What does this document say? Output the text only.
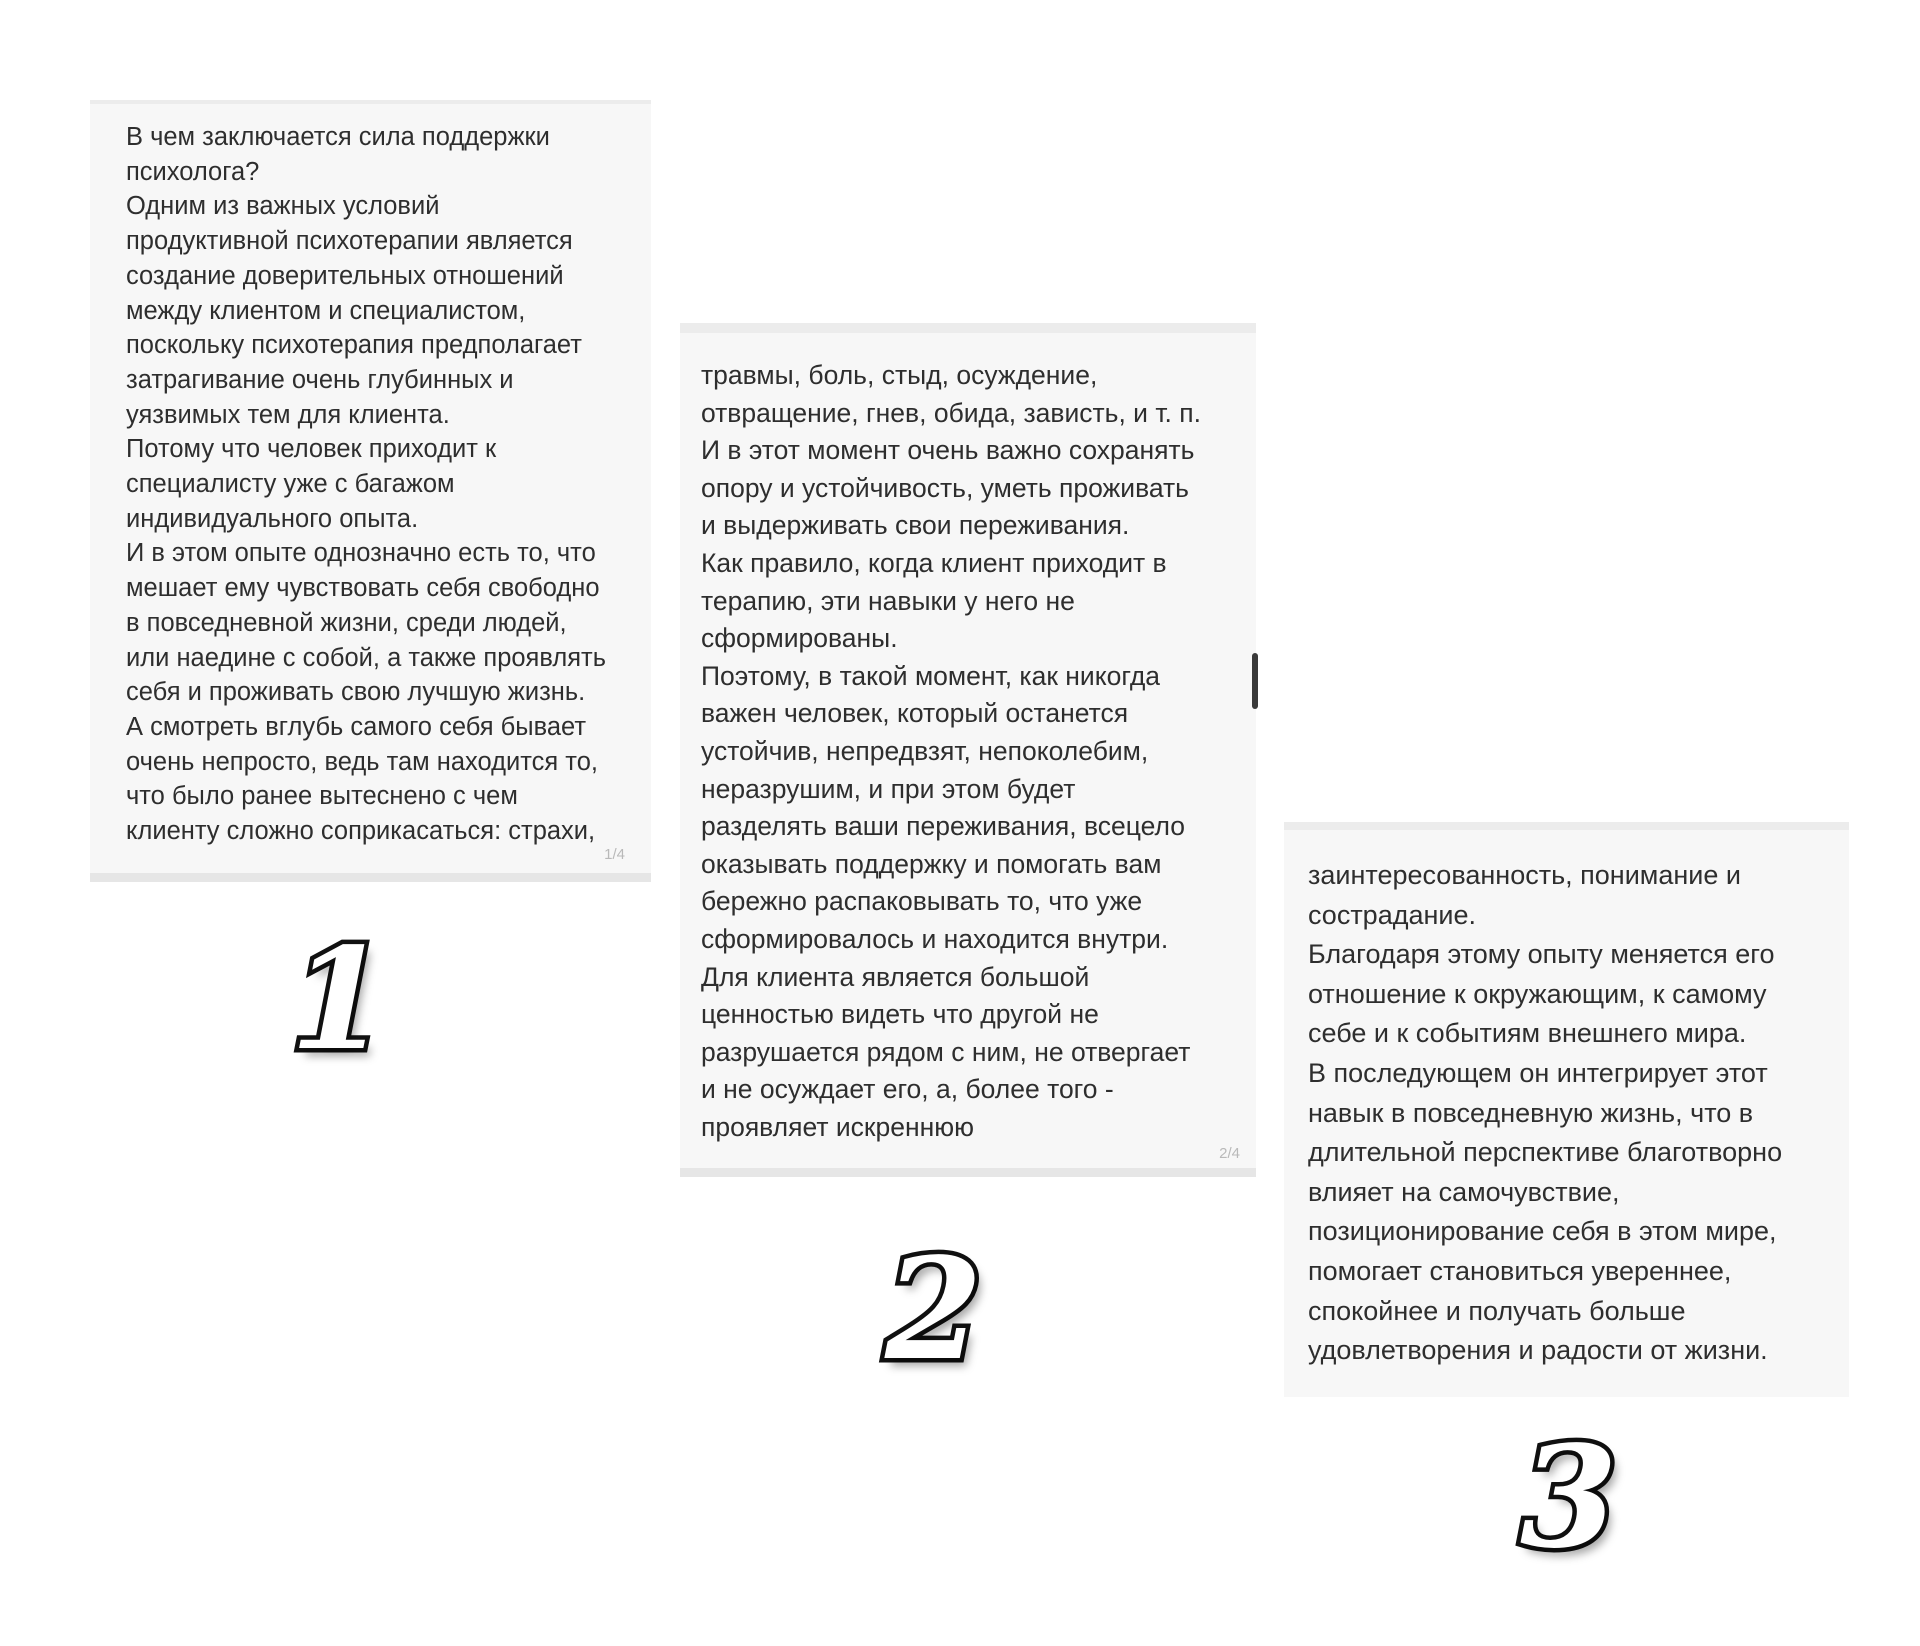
В чем заключается сила поддержки
психолога?
Одним из важных условий
продуктивной психотерапии является
создание доверительных отношений
между клиентом и специалистом,
поскольку психотерапия предполагает
затрагивание очень глубинных и
уязвимых тем для клиента.
Потому что человек приходит к
специалисту уже с багажом
индивидуального опыта.
И в этом опыте однозначно есть то, что
мешает ему чувствовать себя свободно
в повседневной жизни, среди людей,
или наедине с собой, а также проявлять
себя и проживать свою лучшую жизнь.
А смотреть вглубь самого себя бывает
очень непросто, ведь там находится то,
что было ранее вытеснено с чем
клиенту сложно соприкасаться: страхи,
1/4
травмы, боль, стыд, осуждение,
отвращение, гнев, обида, зависть, и т. п.
И в этот момент очень важно сохранять
опору и устойчивость, уметь проживать
и выдерживать свои переживания.
Как правило, когда клиент приходит в
терапию, эти навыки у него не
сформированы.
Поэтому, в такой момент, как никогда
важен человек, который останется
устойчив, непредвзят, непоколебим,
неразрушим, и при этом будет
разделять ваши переживания, всецело
оказывать поддержку и помогать вам
бережно распаковывать то, что уже
сформировалось и находится внутри.
Для клиента является большой
ценностью видеть что другой не
разрушается рядом с ним, не отвергает
и не осуждает его, а, более того -
проявляет искреннюю
2/4
заинтересованность, понимание и
сострадание.
Благодаря этому опыту меняется его
отношение к окружающим, к самому
себе и к событиям внешнего мира.
В последующем он интегрирует этот
навык в повседневную жизнь, что в
длительной перспективе благотворно
влияет на самочувствие,
позиционирование себя в этом мире,
помогает становиться увереннее,
спокойнее и получать больше
удовлетворения и радости от жизни.
1
2
3
